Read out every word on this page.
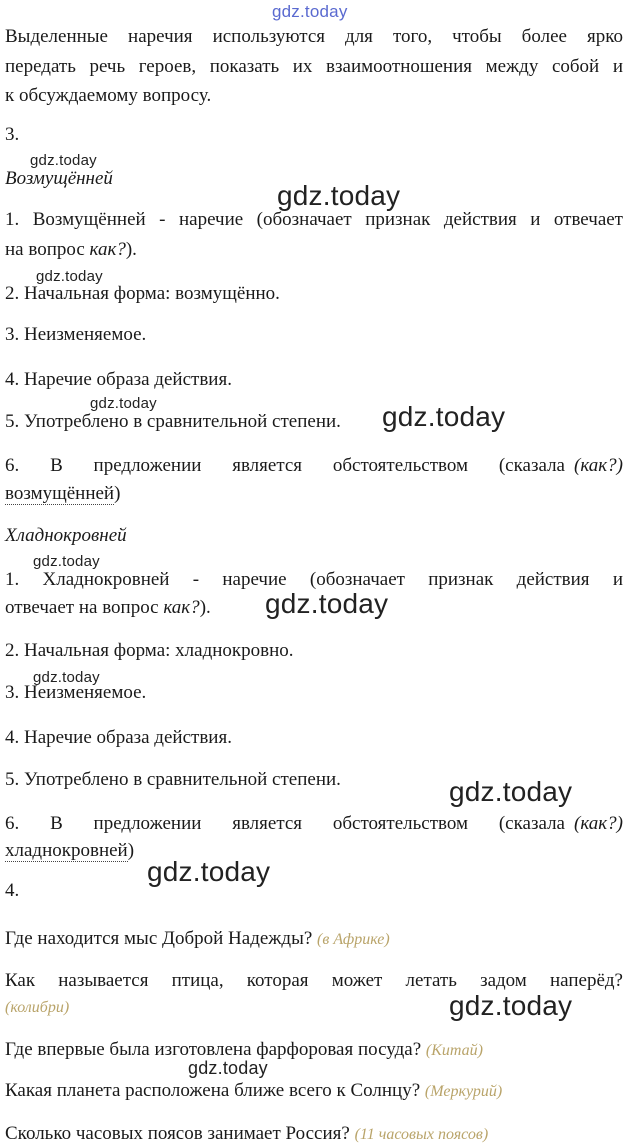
gdz.today
Выделенные наречия используются для того, чтобы более ярко
передать речь героев, показать их взаимоотношения между собой и
к обсуждаемому вопросу.
3.
gdz.today
Возмущённей
gdz.today
1. Возмущённей - наречие (обозначает признак действия и отвечает
на вопрос как?).
gdz.today
2. Начальная форма: возмущённо.
3. Неизменяемое.
4. Наречие образа действия.
gdz.today
5. Употреблено в сравнительной степени. gdz.today
6. В предложении является обстоятельством (сказала (как?)
возмущённей)
Хладнокровней
gdz.today
1. Хладнокровней - наречие (обозначает признак действия и
отвечает на вопрос как?). gdz.today
2. Начальная форма: хладнокровно.
gdz.today
3. Неизменяемое.
4. Наречие образа действия.
5. Употреблено в сравнительной степени.	gdz.today
6. В предложении является обстоятельством (сказала (как?)
хладнокровней)
gdz.today
4.
Где находится мыс Доброй Надежды? (в Африке)
Как называется птица, которая может летать задом наперёд?
(колибри)	gdz.today
Где впервые была изготовлена фарфоровая посуда? (Китай)
gdz.today
Какая планета расположена ближе всего к Солнцу? (Меркурий)
Сколько часовых поясов занимает Россия? (11 часовых поясов)
